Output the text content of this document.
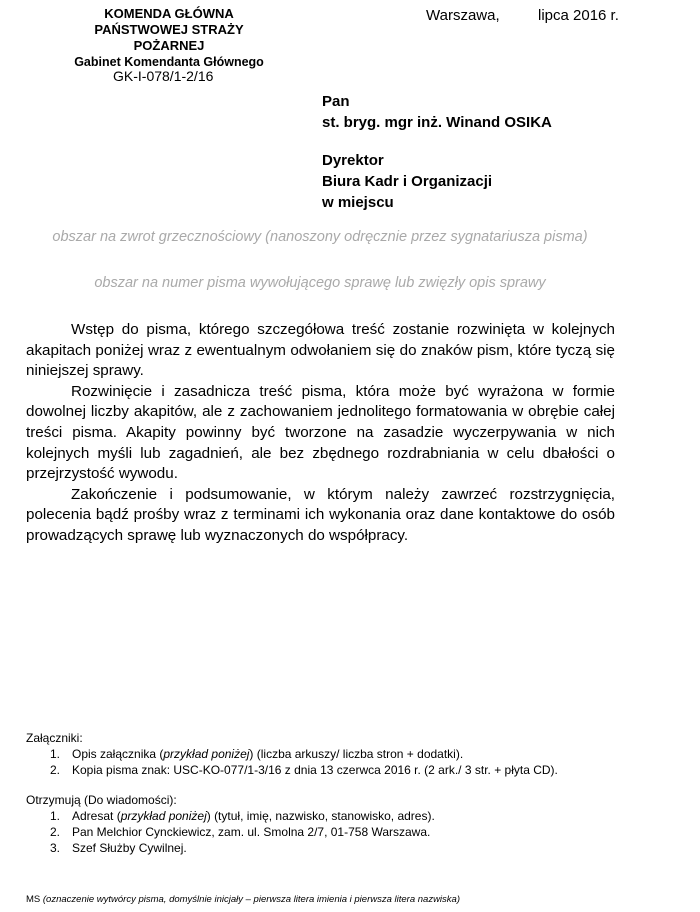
KOMENDA GŁÓWNA
PAŃSTWOWEJ STRAŻY POŻARNEJ
Gabinet Komendanta Głównego
Warszawa,	lipca 2016 r.
GK-I-078/1-2/16
Pan
st. bryg. mgr inż. Winand OSIKA
Dyrektor
Biura Kadr i Organizacji
w miejscu
obszar na zwrot grzecznościowy (nanoszony odręcznie przez sygnatariusza pisma)
obszar na numer pisma wywołującego sprawę lub zwięzły opis sprawy

Wstęp do pisma, którego szczegółowa treść zostanie rozwinięta w kolejnych akapitach poniżej wraz z ewentualnym odwołaniem się do znaków pism, które tyczą się niniejszej sprawy.

Rozwinięcie i zasadnicza treść pisma, która może być wyrażona w formie dowolnej liczby akapitów, ale z zachowaniem jednolitego formatowania w obrębie całej treści pisma. Akapity powinny być tworzone na zasadzie wyczerpywania w nich kolejnych myśli lub zagadnień, ale bez zbędnego rozdrabniania w celu dbałości o przejrzystość wywodu.

Zakończenie i podsumowanie, w którym należy zawrzeć rozstrzygnięcia, polecenia bądź prośby wraz z terminami ich wykonania oraz dane kontaktowe do osób prowadzących sprawę lub wyznaczonych do współpracy.

Załączniki:

1. Opis załącznika (przykład poniżej) (liczba arkuszy/ liczba stron + dodatki).
2. Kopia pisma znak: USC-KO-077/1-3/16 z dnia 13 czerwca 2016 r. (2 ark./ 3 str. + płyta CD).

Otrzymują (Do wiadomości):

1. Adresat (przykład poniżej) (tytuł, imię, nazwisko, stanowisko, adres).
2. Pan Melchior Cynckiewicz, zam. ul. Smolna 2/7, 01-758 Warszawa.
3. Szef Służby Cywilnej.
MS (oznaczenie wytwórcy pisma, domyślnie inicjały – pierwsza litera imienia i pierwsza litera nazwiska)
